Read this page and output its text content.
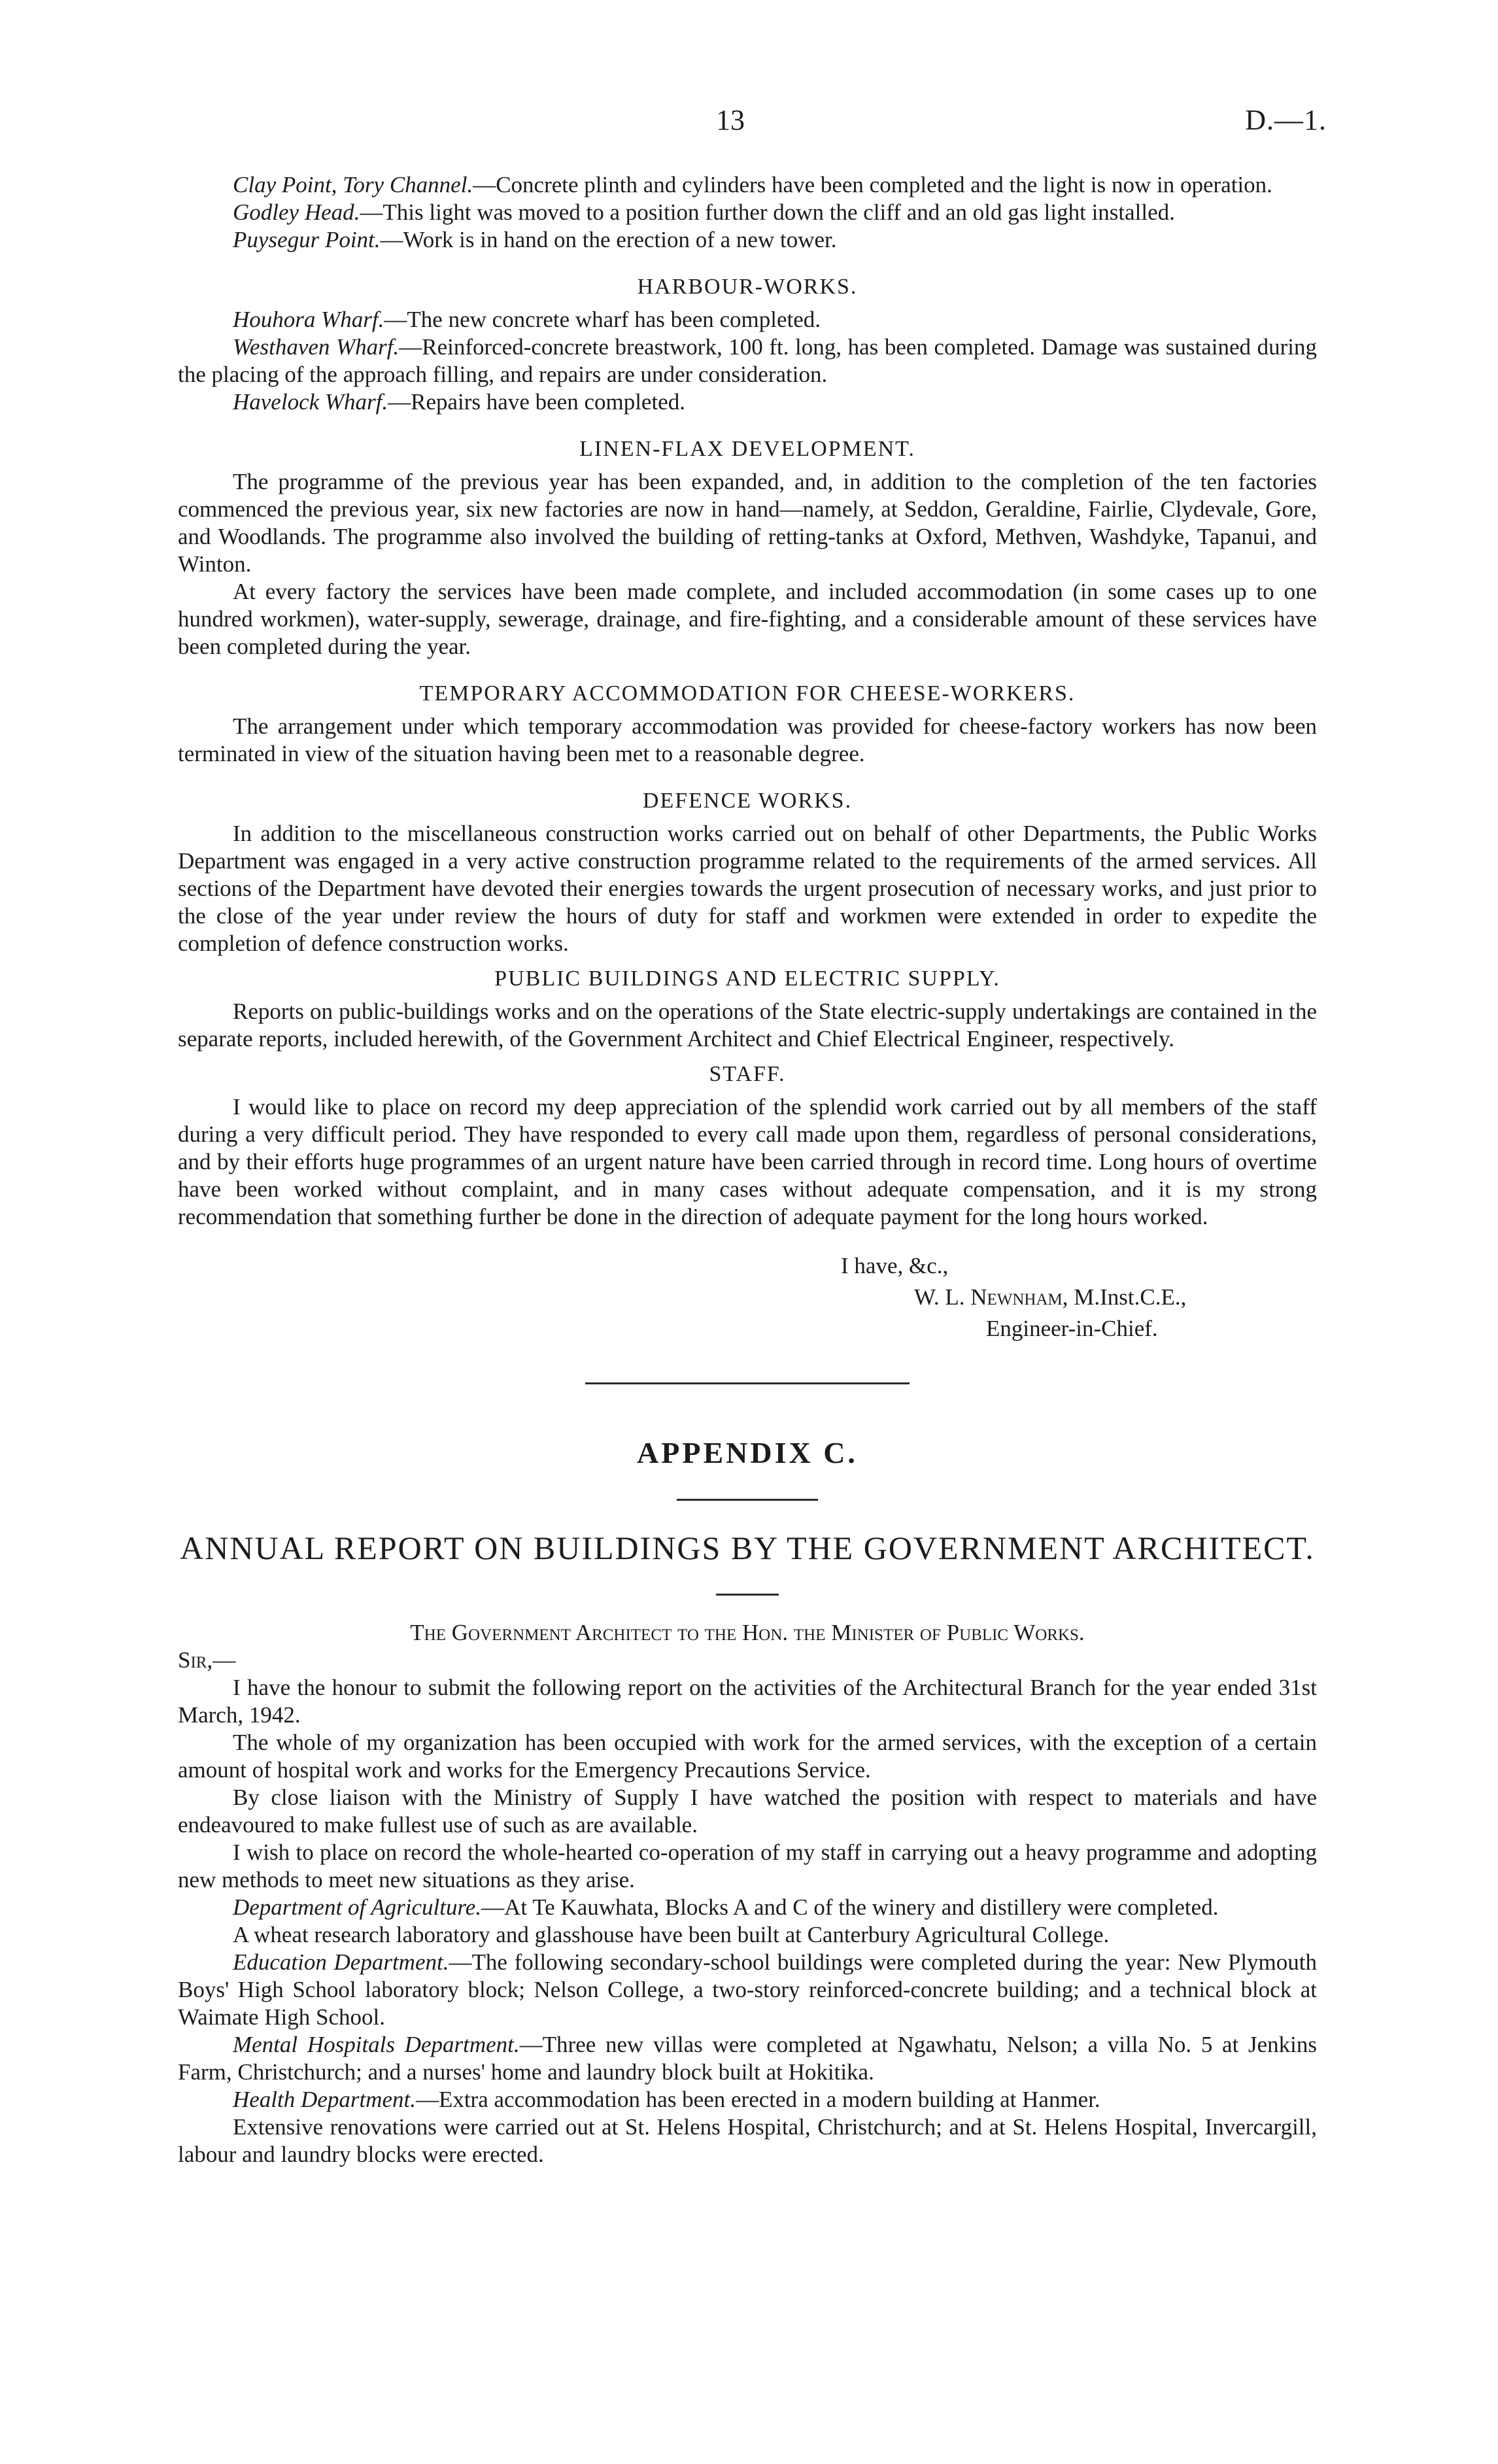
13	D.—1.

Clay Point, Tory Channel.—Concrete plinth and cylinders have been completed and the light is now in operation.

Godley Head.—This light was moved to a position further down the cliff and an old gas light installed.

Puysegur Point.—Work is in hand on the erection of a new tower.

HARBOUR-WORKS.

Houhora Wharf.—The new concrete wharf has been completed.

Westhaven Wharf.—Reinforced-concrete breastwork, 100 ft. long, has been completed. Damage was sustained during the placing of the approach filling, and repairs are under consideration.

Havelock Wharf.—Repairs have been completed.

LINEN-FLAX DEVELOPMENT.

The programme of the previous year has been expanded, and, in addition to the completion of the ten factories commenced the previous year, six new factories are now in hand—namely, at Seddon, Geraldine, Fairlie, Clydevale, Gore, and Woodlands. The programme also involved the building of retting-tanks at Oxford, Methven, Washdyke, Tapanui, and Winton.

At every factory the services have been made complete, and included accommodation (in some cases up to one hundred workmen), water-supply, sewerage, drainage, and fire-fighting, and a considerable amount of these services have been completed during the year.

TEMPORARY ACCOMMODATION FOR CHEESE-WORKERS.

The arrangement under which temporary accommodation was provided for cheese-factory workers has now been terminated in view of the situation having been met to a reasonable degree.

DEFENCE WORKS.

In addition to the miscellaneous construction works carried out on behalf of other Departments, the Public Works Department was engaged in a very active construction programme related to the requirements of the armed services. All sections of the Department have devoted their energies towards the urgent prosecution of necessary works, and just prior to the close of the year under review the hours of duty for staff and workmen were extended in order to expedite the completion of defence construction works.

PUBLIC BUILDINGS AND ELECTRIC SUPPLY.

Reports on public-buildings works and on the operations of the State electric-supply undertakings are contained in the separate reports, included herewith, of the Government Architect and Chief Electrical Engineer, respectively.

STAFF.

I would like to place on record my deep appreciation of the splendid work carried out by all members of the staff during a very difficult period. They have responded to every call made upon them, regardless of personal considerations, and by their efforts huge programmes of an urgent nature have been carried through in record time. Long hours of overtime have been worked without complaint, and in many cases without adequate compensation, and it is my strong recommendation that something further be done in the direction of adequate payment for the long hours worked.

I have, &c.,
W. L. Newnham, M.Inst.C.E.,
Engineer-in-Chief.
APPENDIX C.
ANNUAL REPORT ON BUILDINGS BY THE GOVERNMENT ARCHITECT.

The Government Architect to the Hon. the Minister of Public Works.

Sir,—

I have the honour to submit the following report on the activities of the Architectural Branch for the year ended 31st March, 1942.

The whole of my organization has been occupied with work for the armed services, with the exception of a certain amount of hospital work and works for the Emergency Precautions Service.

By close liaison with the Ministry of Supply I have watched the position with respect to materials and have endeavoured to make fullest use of such as are available.

I wish to place on record the whole-hearted co-operation of my staff in carrying out a heavy programme and adopting new methods to meet new situations as they arise.

Department of Agriculture.—At Te Kauwhata, Blocks A and C of the winery and distillery were completed.

A wheat research laboratory and glasshouse have been built at Canterbury Agricultural College.

Education Department.—The following secondary-school buildings were completed during the year: New Plymouth Boys' High School laboratory block; Nelson College, a two-story reinforced-concrete building; and a technical block at Waimate High School.

Mental Hospitals Department.—Three new villas were completed at Ngawhatu, Nelson; a villa No. 5 at Jenkins Farm, Christchurch; and a nurses' home and laundry block built at Hokitika.

Health Department.—Extra accommodation has been erected in a modern building at Hanmer.

Extensive renovations were carried out at St. Helens Hospital, Christchurch; and at St. Helens Hospital, Invercargill, labour and laundry blocks were erected.
